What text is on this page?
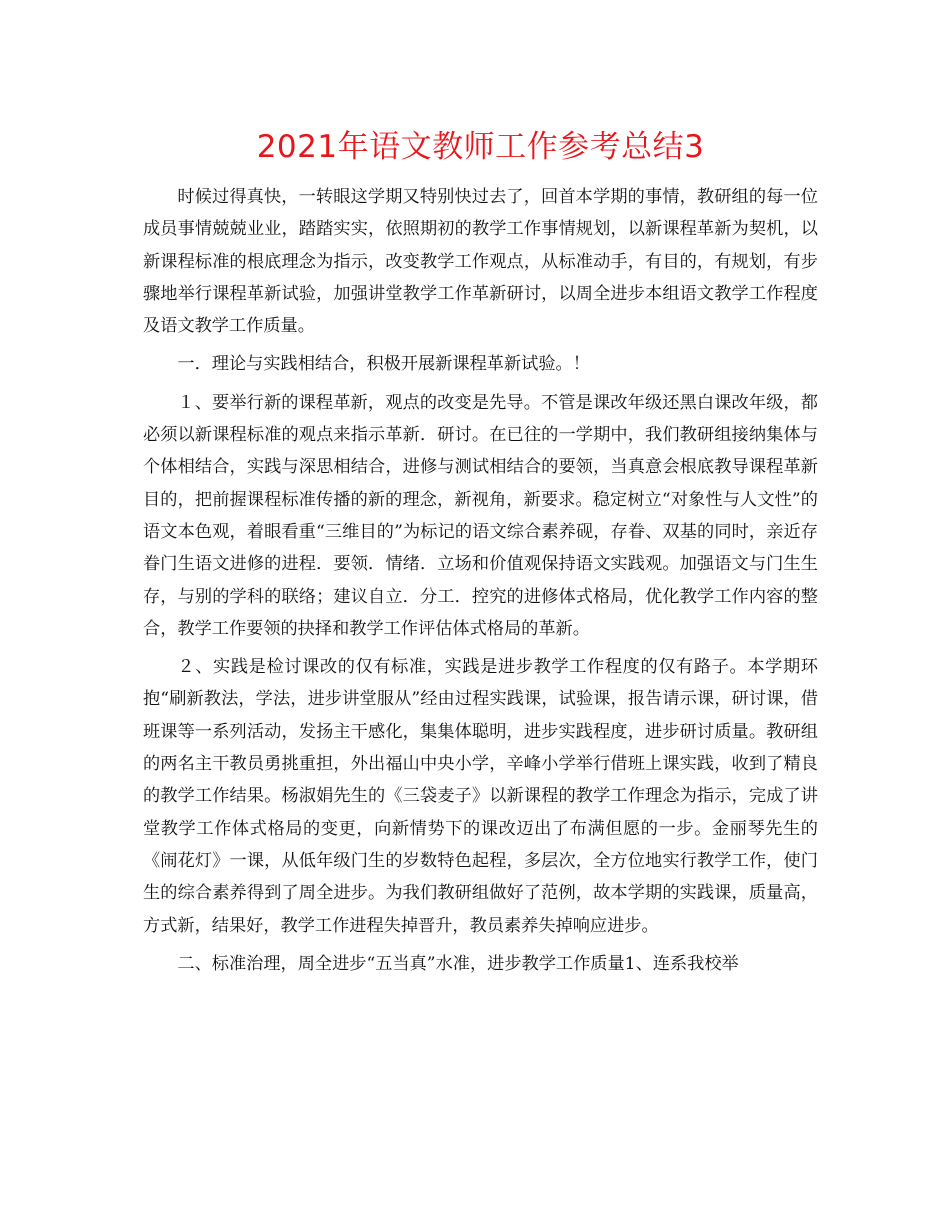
2021年语文教师工作参考总结3

时候过得真快，一转眼这学期又特别快过去了，回首本学期的事情，教研组的每一位成员事情兢兢业业，踏踏实实，依照期初的教学工作事情规划，以新课程革新为契机，以新课程标准的根底理念为指示，改变教学工作观点，从标准动手，有目的，有规划，有步骤地举行课程革新试验，加强讲堂教学工作革新研讨，以周全进步本组语文教学工作程度及语文教学工作质量。

一．理论与实践相结合，积极开展新课程革新试验。！

１、要举行新的课程革新，观点的改变是先导。不管是课改年级还黑白课改年级，都必须以新课程标准的观点来指示革新．研讨。在已往的一学期中，我们教研组接纳集体与个体相结合，实践与深思相结合，进修与测试相结合的要领，当真意会根底教导课程革新目的，把前握课程标准传播的新的理念，新视角，新要求。稳定树立“对象性与人文性”的语文本色观，着眼看重“三维目的”为标记的语文综合素养砚，存眷、双基的同时，亲近存眷门生语文进修的进程．要领．情绪．立场和价值观保持语文实践观。加强语文与门生生存，与别的学科的联络；建议自立．分工．控究的进修体式格局，优化教学工作内容的整合，教学工作要领的抉择和教学工作评估体式格局的革新。

２、实践是检讨课改的仅有标准，实践是进步教学工作程度的仅有路子。本学期环抱“刷新教法，学法，进步讲堂服从”经由过程实践课，试验课，报告请示课，研讨课，借班课等一系列活动，发扬主干感化，集集体聪明，进步实践程度，进步研讨质量。教研组的两名主干教员勇挑重担，外出福山中央小学，辛峰小学举行借班上课实践，收到了精良的教学工作结果。杨淑娟先生的《三袋麦子》以新课程的教学工作理念为指示，完成了讲堂教学工作体式格局的变更，向新情势下的课改迈出了布满但愿的一步。金丽琴先生的《闹花灯》一课，从低年级门生的岁数特色起程，多层次，全方位地实行教学工作，使门生的综合素养得到了周全进步。为我们教研组做好了范例，故本学期的实践课，质量高，方式新，结果好，教学工作进程失掉晋升，教员素养失掉响应进步。

二、标准治理，周全进步“五当真”水准，进步教学工作质量1、连系我校举
